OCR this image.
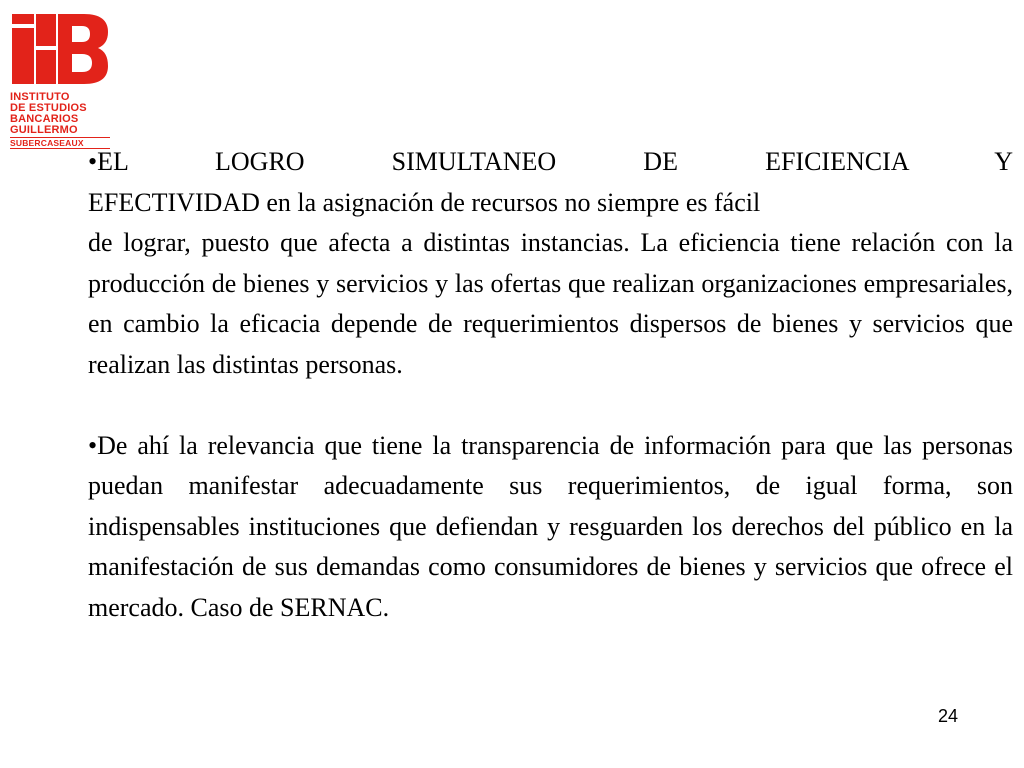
INSTITUTO
DE ESTUDIOS
BANCARIOS
GUILLERMO
SUBERCASEAUX

•EL LOGRO SIMULTANEO DE EFICIENCIA Y

EFECTIVIDAD en la asignación de recursos no siempre es fácil

de lograr, puesto que afecta a distintas instancias. La eficiencia tiene relación con la producción de bienes y servicios y las ofertas que realizan organizaciones empresariales, en cambio la eficacia depende de requerimientos dispersos de bienes y servicios que realizan las distintas personas.

•De ahí la relevancia que tiene la transparencia de información para que las personas puedan manifestar adecuadamente sus requerimientos, de igual forma, son indispensables instituciones que defiendan y resguarden los derechos del público en la manifestación de sus demandas como consumidores de bienes y servicios que ofrece el mercado. Caso de SERNAC.

24
